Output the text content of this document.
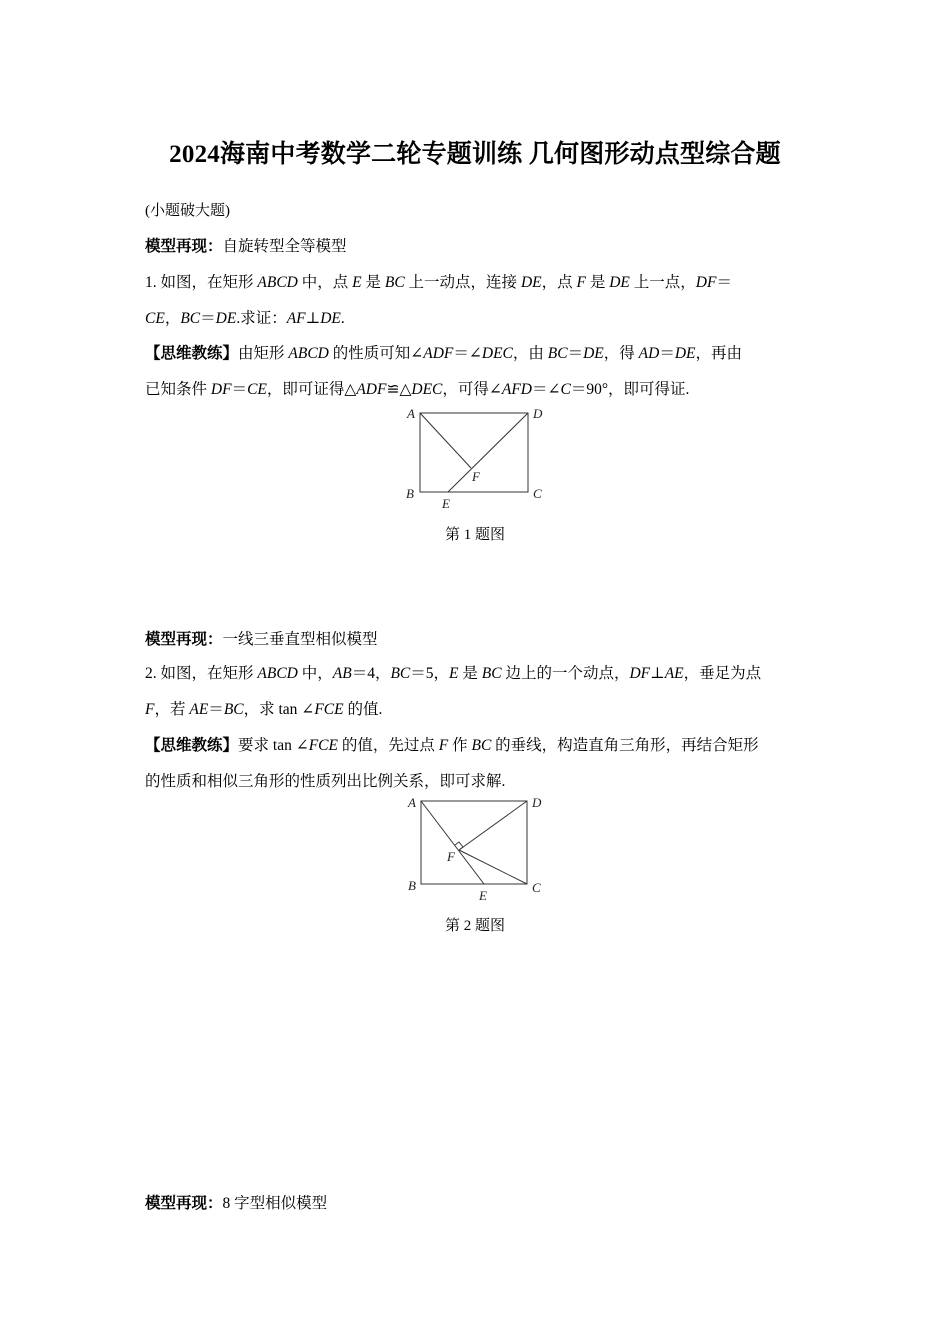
2024海南中考数学二轮专题训练 几何图形动点型综合题
(小题破大题)
模型再现：自旋转型全等模型
1. 如图，在矩形 ABCD 中，点 E 是 BC 上一动点，连接 DE，点 F 是 DE 上一点，DF＝
CE，BC＝DE.求证：AF⊥DE.
【思维教练】由矩形 ABCD 的性质可知∠ADF＝∠DEC，由 BC＝DE，得 AD＝DE，再由
已知条件 DF＝CE，即可证得△ADF≌△DEC，可得∠AFD＝∠C＝90°，即可得证.
A	D
B	C
E
F
第 1 题图
模型再现：一线三垂直型相似模型
2. 如图，在矩形 ABCD 中，AB＝4，BC＝5，E 是 BC 边上的一个动点，DF⊥AE，垂足为点
F，若 AE＝BC，求 tan ∠FCE 的值.
【思维教练】要求 tan ∠FCE 的值，先过点 F 作 BC 的垂线，构造直角三角形，再结合矩形
的性质和相似三角形的性质列出比例关系，即可求解.
A	D
B	C
E
F
第 2 题图
模型再现：8 字型相似模型
